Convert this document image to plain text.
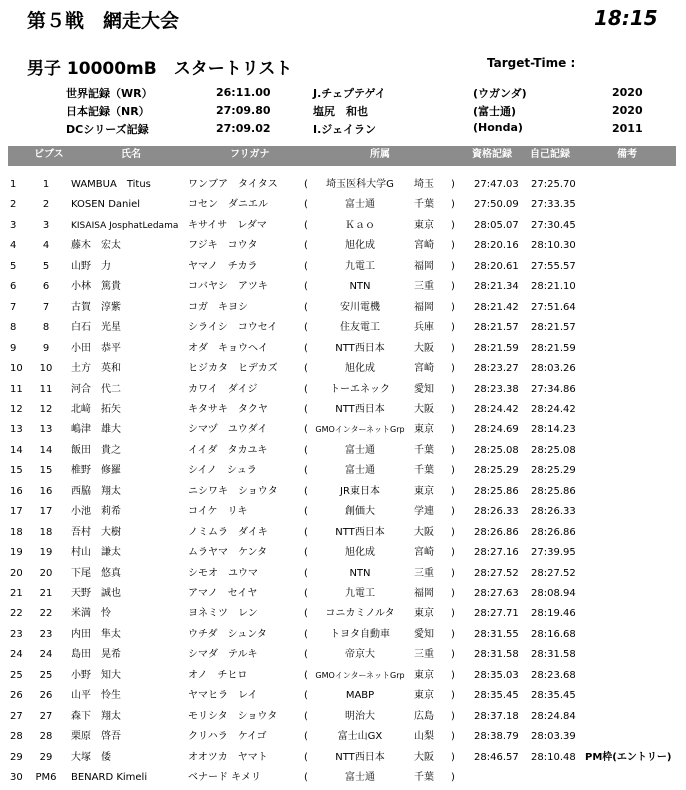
第５戦　網走大会	18:15
男子 10000mB　スタートリスト	Target-Time :
世界記録（WR）	26:11.00	J.チェプテゲイ	(ウガンダ)	2020
日本記録（NR）	27:09.80	塩尻　和也	(富士通)	2020
DCシリーズ記録	27:09.02	I.ジェイラン	(Honda)	2011
ビブス	氏名	フリガナ	所属	資格記録 自己記録	備考
1	1	WAMBUA　Titus	ワンブア　タイタス	(	埼玉医科大学G	埼玉	)	27:47.03	27:25.70
2	2	KOSEN Daniel	コセン　ダニエル	(	富士通	千葉	)	27:50.09	27:33.35
3	3	KISAISA JosphatLedama キサイサ　レダマ	(	Ｋａｏ	東京	)	28:05.07	27:30.45
4	4	藤木　宏太	フジキ　コウタ	(	旭化成	宮崎	)	28:20.16	28:10.30
5	5	山野　力	ヤマノ　チカラ	(	九電工	福岡	)	28:20.61	27:55.57
6	6	小林　篤貴	コバヤシ　アツキ	(	NTN	三重	)	28:21.34	28:21.10
7	7	古賀　淳紫	コガ　キヨシ	(	安川電機	福岡	)	28:21.42	27:51.64
8	8	白石　光星	シライシ　コウセイ	(	住友電工	兵庫	)	28:21.57	28:21.57
9	9	小田　恭平	オダ　キョウヘイ	(	NTT西日本	大阪	)	28:21.59	28:21.59
10	10	土方　英和	ヒジカタ　ヒデカズ	(	旭化成	宮崎	)	28:23.27	28:03.26
11	11	河合　代二	カワイ　ダイジ	(	トーエネック	愛知	)	28:23.38	27:34.86
12	12	北﨑　拓矢	キタサキ　タクヤ	(	NTT西日本	大阪	)	28:24.42	28:24.42
13	13	嶋津　雄大	シマヅ　ユウダイ	( GMOインターネットGrp 東京	)	28:24.69	28:14.23
14	14	飯田　貴之	イイダ　タカユキ	(	富士通	千葉	)	28:25.08	28:25.08
15	15	椎野　修羅	シイノ　シュラ	(	富士通	千葉	)	28:25.29	28:25.29
16	16	西脇　翔太	ニシワキ　ショウタ	(	JR東日本	東京	)	28:25.86	28:25.86
17	17	小池　莉希	コイケ　リキ	(	創価大	学連	)	28:26.33	28:26.33
18	18	吾村　大樹	ノミムラ　ダイキ	(	NTT西日本	大阪	)	28:26.86	28:26.86
19	19	村山　謙太	ムラヤマ　ケンタ	(	旭化成	宮崎	)	28:27.16	27:39.95
20	20	下尾　悠真	シモオ　ユウマ	(	NTN	三重	)	28:27.52	28:27.52
21	21	天野　誠也	アマノ　セイヤ	(	九電工	福岡	)	28:27.63	28:08.94
22	22	米満　怜	ヨネミツ　レン	(	コニカミノルタ	東京	)	28:27.71	28:19.46
23	23	内田　隼太	ウチダ　シュンタ	(	トヨタ自動車	愛知	)	28:31.55	28:16.68
24	24	島田　晃希	シマダ　テルキ	(	帝京大	三重	)	28:31.58	28:31.58
25	25	小野　知大	オノ　チヒロ	( GMOインターネットGrp 東京	)	28:35.03	28:23.68
26	26	山平　怜生	ヤマヒラ　レイ	(	MABP	東京	)	28:35.45	28:35.45
27	27	森下　翔太	モリシタ　ショウタ	(	明治大	広島	)	28:37.18	28:24.84
28	28	栗原　啓吾	クリハラ　ケイゴ	(	富士山GX	山梨	)	28:38.79	28:03.39
29	29	大塚　倭	オオツカ　ヤマト	(	NTT西日本	大阪	)	28:46.57	28:10.48 PM枠(エントリー)
30	PM6	BENARD Kimeli	ベナード キメリ	(	富士通	千葉	)
